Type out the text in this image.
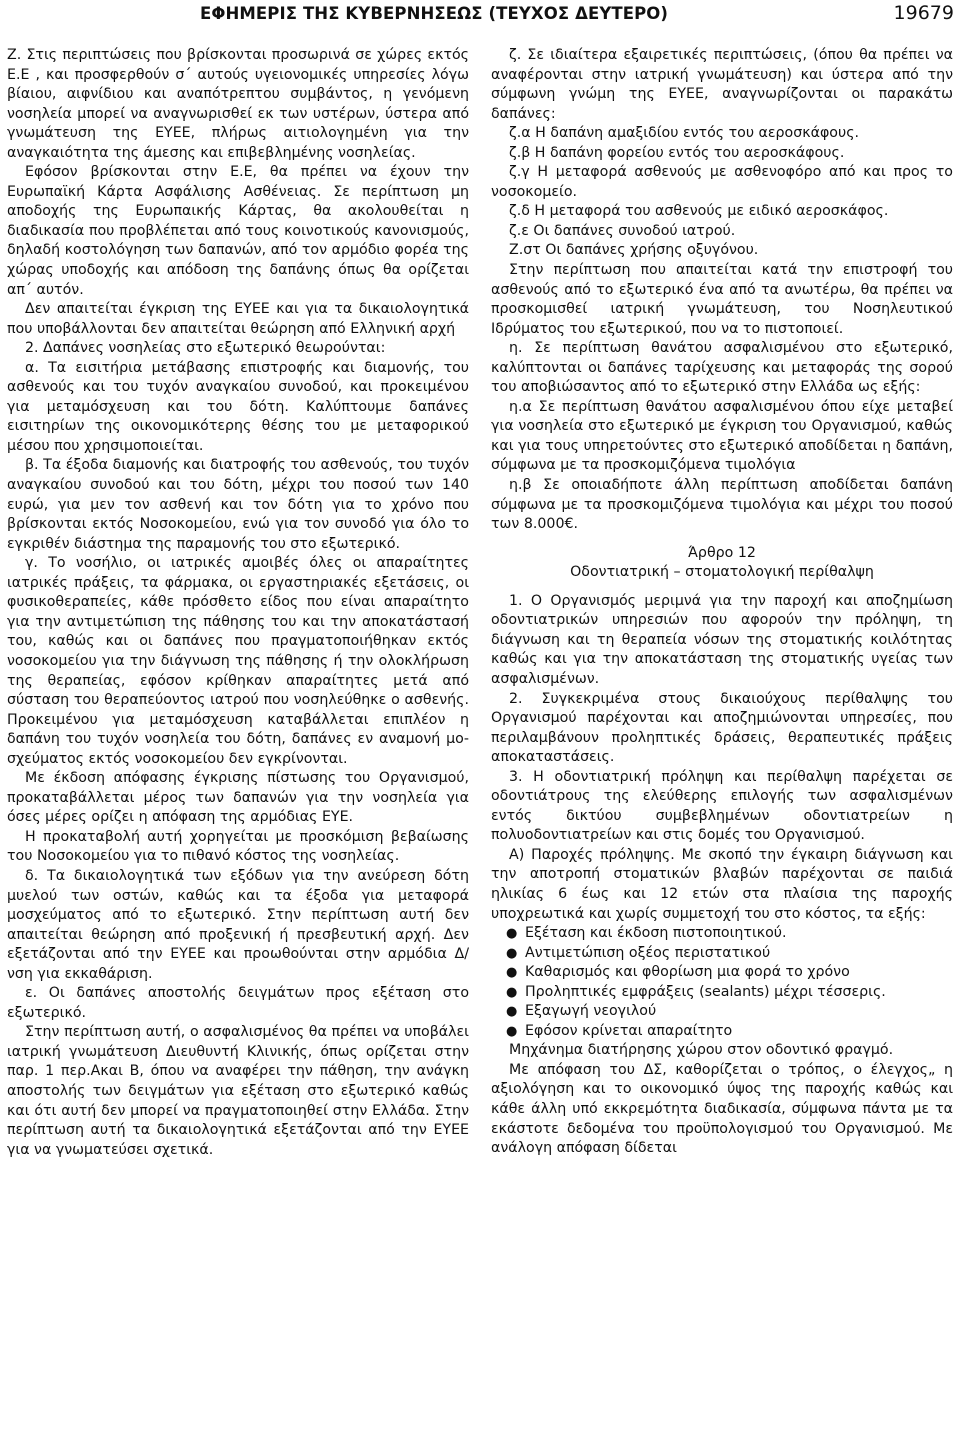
ΕΦΗΜΕΡΙΣ ΤΗΣ ΚΥΒΕΡΝΗΣΕΩΣ (ΤΕΥΧΟΣ ΔΕΥΤΕΡΟ)	19679

Ζ. Στις περιπτώσεις που βρίσκονται προσωρινά σε χώρες εκτός Ε.Ε , και προσφερθούν σ΄ αυτούς υγειονομικές υπηρεσίες λόγω βίαιου, αιφνίδιου και αναπότρεπτου συμβάντος, η γενόμενη νοσηλεία μπορεί να αναγνωρισθεί εκ των υστέρων, ύστερα από γνωμάτευση της ΕΥΕΕ, πλήρως αιτιολογημένη για την αναγκαιότητα της άμεσης και επιβεβλημένης νοσηλείας.

Εφόσον βρίσκονται στην Ε.Ε, θα πρέπει να έχουν την Ευρωπαϊκή Κάρτα Ασφάλισης Ασθένειας. Σε περίπτωση μη αποδοχής της Ευρωπαικής Κάρτας, θα ακολουθείται η διαδικασία που προβλέπεται από τους κοινοτικούς κανονισμούς, δηλαδή κοστολόγηση των δαπανών, από τον αρμόδιο φορέα της χώρας υποδοχής και απόδοση της δαπάνης όπως θα ορίζεται απ΄ αυτόν.

Δεν απαιτείται έγκριση της ΕΥΕΕ και για τα δικαιολογητικά που υποβάλλονται δεν απαιτείται θεώρηση από Ελληνική αρχή

2. Δαπάνες νοσηλείας στο εξωτερικό θεωρούνται:

α. Τα εισιτήρια μετάβασης επιστροφής και διαμονής, του ασθενούς και του τυχόν αναγκαίου συνοδού, και προκειμένου για μεταμόσχευση και του δότη. Καλύπτουμε δαπάνες εισιτηρίων της οικονομικότερης θέσης του με μεταφορικού μέσου που χρησιμοποιείται.

β. Τα έξοδα διαμονής και διατροφής του ασθενούς, του τυχόν αναγκαίου συνοδού και του δότη, μέχρι του ποσού των 140 ευρώ, για μεν τον ασθενή και τον δότη για το χρόνο που βρίσκονται εκτός Νοσοκομείου, ενώ για τον συνοδό για όλο το εγκριθέν διάστημα της παραμονής του στο εξωτερικό.

γ. Το νοσήλιο, οι ιατρικές αμοιβές όλες οι απαραίτητες ιατρικές πράξεις, τα φάρμακα, οι εργαστηριακές εξετάσεις, οι φυσικοθεραπείες, κάθε πρόσθετο είδος που είναι απαραίτητο για την αντιμετώπιση της πάθησης του και την αποκατάστασή του, καθώς και οι δαπάνες που πραγματοποιήθηκαν εκτός νοσοκομείου για την διάγνωση της πάθησης ή την ολοκλήρωση της θεραπείας, εφόσον κρίθηκαν απαραίτητες μετά από σύσταση του θεραπεύοντος ιατρού που νοσηλεύθηκε ο ασθενής. Προκειμένου για μεταμόσχευση καταβάλλεται επιπλέον η δαπάνη του τυχόν νοσηλεία του δότη, δαπάνες εν αναμονή μοσχεύματος εκτός νοσοκομείου δεν εγκρίνονται.

Με έκδοση απόφασης έγκρισης πίστωσης του Οργανισμού, προκαταβάλλεται μέρος των δαπανών για την νοσηλεία για όσες μέρες ορίζει η απόφαση της αρμόδιας ΕΥΕ.

Η προκαταβολή αυτή χορηγείται με προσκόμιση βεβαίωσης του Νοσοκομείου για το πιθανό κόστος της νοσηλείας.

δ. Τα δικαιολογητικά των εξόδων για την ανεύρεση δότη μυελού των οστών, καθώς και τα έξοδα για μεταφορά μοσχεύματος από το εξωτερικό. Στην περίπτωση αυτή δεν απαιτείται θεώρηση από προξενική ή πρεσβευτική αρχή. Δεν εξετάζονται από την ΕΥΕΕ και προωθούνται στην αρμόδια Δ/νση για εκκαθάριση.

ε. Οι δαπάνες αποστολής δειγμάτων προς εξέταση στο εξωτερικό.

Στην περίπτωση αυτή, ο ασφαλισμένος θα πρέπει να υποβάλει ιατρική γνωμάτευση Διευθυντή Κλινικής, όπως ορίζεται στην παρ. 1 περ.Ακαι Β, όπου να αναφέρει την πάθηση, την ανάγκη αποστολής των δειγμάτων για εξέταση στο εξωτερικό καθώς και ότι αυτή δεν μπορεί να πραγματοποιηθεί στην Ελλάδα. Στην περίπτωση αυτή τα δικαιολογητικά εξετάζονται από την ΕΥΕΕ για να γνωματεύσει σχετικά.

ζ. Σε ιδιαίτερα εξαιρετικές περιπτώσεις, (όπου θα πρέπει να αναφέρονται στην ιατρική γνωμάτευση) και ύστερα από την σύμφωνη γνώμη της ΕΥΕΕ, αναγνωρίζονται οι παρακάτω δαπάνες:

ζ.α Η δαπάνη αμαξιδίου εντός του αεροσκάφους.

ζ.β Η δαπάνη φορείου εντός του αεροσκάφους.

ζ.γ Η μεταφορά ασθενούς με ασθενοφόρο από και προς το νοσοκομείο.

ζ.δ Η μεταφορά του ασθενούς με ειδικό αεροσκάφος.

ζ.ε Οι δαπάνες συνοδού ιατρού.

Ζ.στ Οι δαπάνες χρήσης οξυγόνου.

Στην περίπτωση που απαιτείται κατά την επιστροφή του ασθενούς από το εξωτερικό ένα από τα ανωτέρω, θα πρέπει να προσκομισθεί ιατρική γνωμάτευση, του Νοσηλευτικού Ιδρύματος του εξωτερικού, που να το πιστοποιεί.

η. Σε περίπτωση θανάτου ασφαλισμένου στο εξωτερικό, καλύπτονται οι δαπάνες ταρίχευσης και μεταφοράς της σορού του αποβιώσαντος από το εξωτερικό στην Ελλάδα ως εξής:

η.α Σε περίπτωση θανάτου ασφαλισμένου όπου είχε μεταβεί για νοσηλεία στο εξωτερικό με έγκριση του Οργανισμού, καθώς και για τους υπηρετούντες στο εξωτερικό αποδίδεται η δαπάνη, σύμφωνα με τα προσκομιζόμενα τιμολόγια

η.β Σε οποιαδήποτε άλλη περίπτωση αποδίδεται δαπάνη σύμφωνα με τα προσκομιζόμενα τιμολόγια και μέχρι του ποσού των 8.000€.

Άρθρο 12

Οδοντιατρική – στοματολογική περίθαλψη

1. Ο Οργανισμός μεριμνά για την παροχή και αποζημίωση οδοντιατρικών υπηρεσιών που αφορούν την πρόληψη, τη διάγνωση και τη θεραπεία νόσων της στοματικής κοιλότητας καθώς και για την αποκατάσταση της στοματικής υγείας των ασφαλισμένων.

2. Συγκεκριμένα στους δικαιούχους περίθαλψης του Οργανισμού παρέχονται και αποζημιώνονται υπηρεσίες, που περιλαμβάνουν προληπτικές δράσεις, θεραπευτικές πράξεις αποκαταστάσεις.

3. Η οδοντιατρική πρόληψη και περίθαλψη παρέχεται σε οδοντιάτρους της ελεύθερης επιλογής των ασφαλισμένων εντός δικτύου συμβεβλημένων οδοντιατρείων η πολυοδοντιατρείων και στις δομές του Οργανισμού.

Α) Παροχές πρόληψης. Με σκοπό την έγκαιρη διάγνωση και την αποτροπή στοματικών βλαβών παρέχονται σε παιδιά ηλικίας 6 έως και 12 ετών στα πλαίσια της παροχής υποχρεωτικά και χωρίς συμμετοχή του στο κόστος, τα εξής:

● Εξέταση και έκδοση πιστοποιητικού.
● Αντιμετώπιση οξέος περιστατικού
● Καθαρισμός και φθορίωση μια φορά το χρόνο
● Προληπτικές εμφράξεις (sealants) μέχρι τέσσερις.
● Εξαγωγή νεογιλού
● Εφόσον κρίνεται απαραίτητο

Μηχάνημα διατήρησης χώρου στον οδοντικό φραγμό.

Με απόφαση του ΔΣ, καθορίζεται ο τρόπος, ο έλεγχος„ η αξιολόγηση και το οικονομικό ύψος της παροχής καθώς και κάθε άλλη υπό εκκρεμότητα διαδικασία, σύμφωνα πάντα με τα εκάστοτε δεδομένα του προϋπολογισμού του Οργανισμού. Με ανάλογη απόφαση δίδεται
